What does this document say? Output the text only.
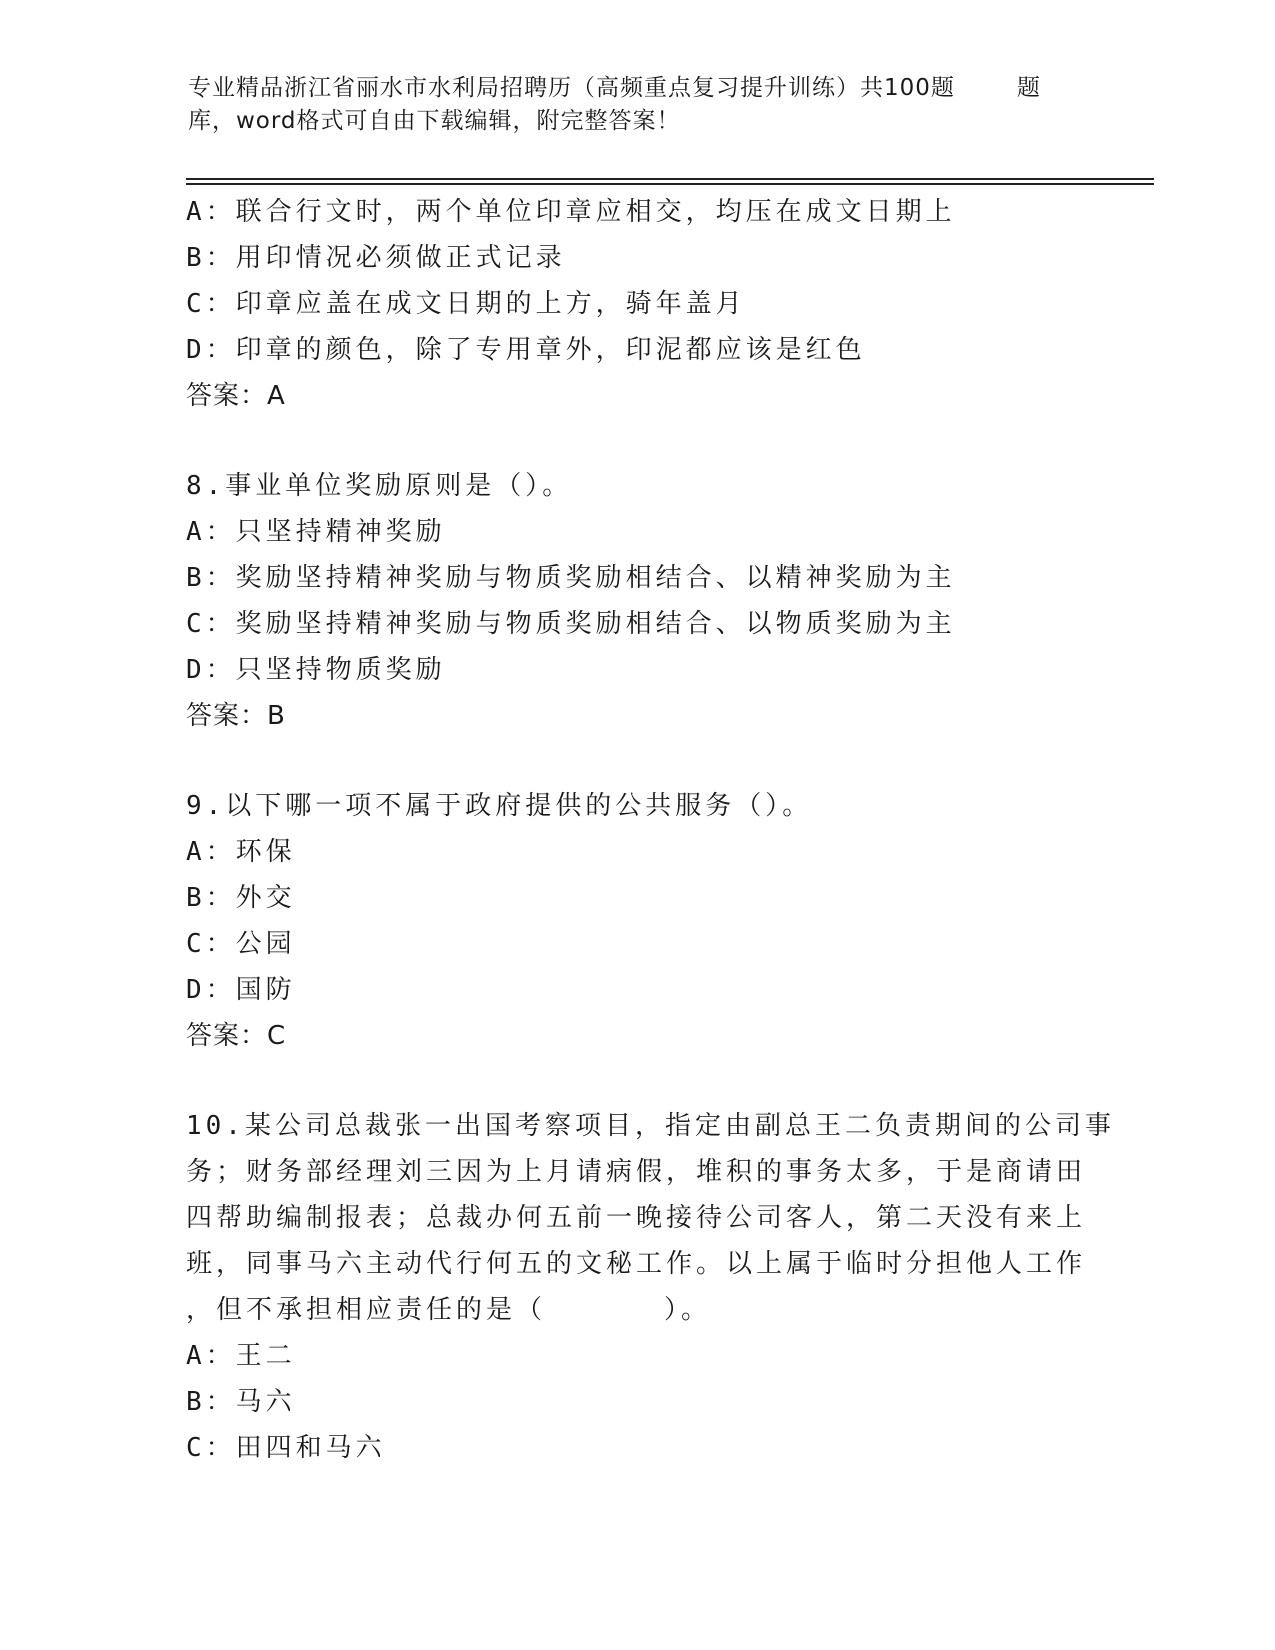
专业精品浙江省丽水市水利局招聘历（高频重点复习提升训练）共100题	题
库，word格式可自由下载编辑，附完整答案！
A：联合行文时，两个单位印章应相交，均压在成文日期上
B：用印情况必须做正式记录
C：印章应盖在成文日期的上方，骑年盖月
D：印章的颜色，除了专用章外，印泥都应该是红色
答案：A
8.事业单位奖励原则是（）。
A：只坚持精神奖励
B：奖励坚持精神奖励与物质奖励相结合、以精神奖励为主
C：奖励坚持精神奖励与物质奖励相结合、以物质奖励为主
D：只坚持物质奖励
答案：B
9.以下哪一项不属于政府提供的公共服务（）。
A：环保
B：外交
C：公园
D：国防
答案：C
10.某公司总裁张一出国考察项目，指定由副总王二负责期间的公司事
务；财务部经理刘三因为上月请病假，堆积的事务太多，于是商请田
四帮助编制报表；总裁办何五前一晚接待公司客人，第二天没有来上
班，同事马六主动代行何五的文秘工作。以上属于临时分担他人工作
，但不承担相应责任的是（	）。
A：王二
B：马六
C：田四和马六
